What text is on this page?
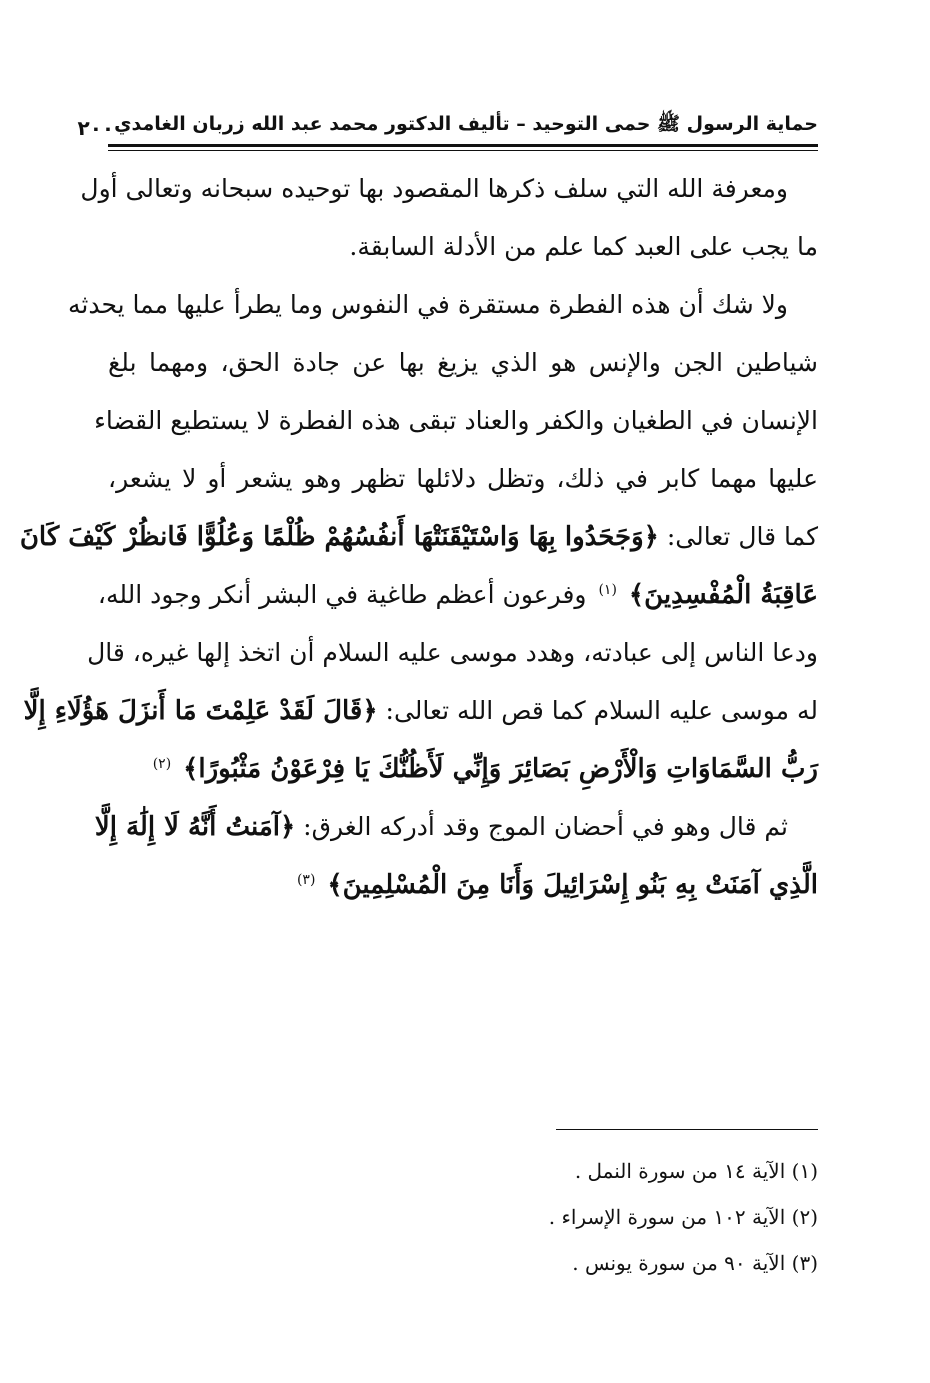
حماية الرسول ﷺ حمى التوحيد – تأليف الدكتور محمد عبد الله زربان الغامدي
٢٠٠
ومعرفة الله التي سلف ذكرها المقصود بها توحيده سبحانه وتعالى أول
ما يجب على العبد كما علم من الأدلة السابقة.
ولا شك أن هذه الفطرة مستقرة في النفوس وما يطرأ عليها مما يحدثه
شياطين الجن والإنس هو الذي يزيغ بها عن جادة الحق، ومهما بلغ
الإنسان في الطغيان والكفر والعناد تبقى هذه الفطرة لا يستطيع القضاء
عليها مهما كابر في ذلك، وتظل دلائلها تظهر وهو يشعر أو لا يشعر،
كما قال تعالى: ﴿وَجَحَدُوا بِهَا وَاسْتَيْقَنَتْهَا أَنفُسُهُمْ ظُلْمًا وَعُلُوًّا فَانظُرْ كَيْفَ كَانَ
عَاقِبَةُ الْمُفْسِدِينَ﴾ $^{(١)}$ وفرعون أعظم طاغية في البشر أنكر وجود الله،
ودعا الناس إلى عبادته، وهدد موسى عليه السلام أن اتخذ إلها غيره، قال
له موسى عليه السلام كما قص الله تعالى: ﴿قَالَ لَقَدْ عَلِمْتَ مَا أَنزَلَ هَؤُلَاءِ إِلَّا
رَبُّ السَّمَاوَاتِ وَالْأَرْضِ بَصَائِرَ وَإِنِّي لَأَظُنُّكَ يَا فِرْعَوْنُ مَثْبُورًا﴾ $^{(٢)}$
ثم قال وهو في أحضان الموج وقد أدركه الغرق: ﴿آمَنتُ أَنَّهُ لَا إِلَٰهَ إِلَّا
الَّذِي آمَنَتْ بِهِ بَنُو إِسْرَائِيلَ وَأَنَا مِنَ الْمُسْلِمِينَ﴾ $^{(٣)}$
(١) الآية ١٤ من سورة النمل .
(٢) الآية ١٠٢ من سورة الإسراء .
(٣) الآية ٩٠ من سورة يونس .
